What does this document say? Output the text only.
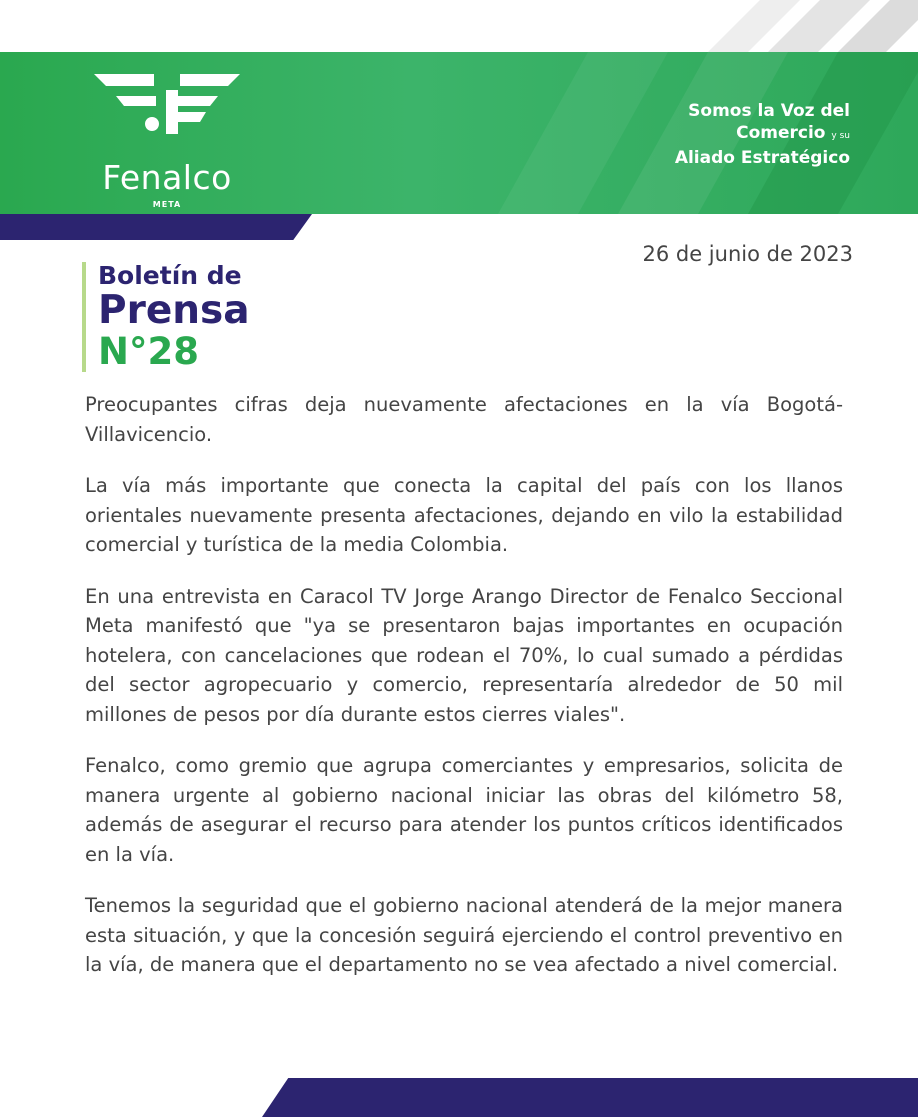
Fenalco
META
Somos la Voz del
Comercio y su
Aliado Estratégico
26 de junio de 2023
Boletín de
Prensa
N°28

Preocupantes cifras deja nuevamente afectaciones en la vía Bogotá-Villavicencio.

La vía más importante que conecta la capital del país con los llanos orientales nuevamente presenta afectaciones, dejando en vilo la estabilidad comercial y turística de la media Colombia.

En una entrevista en Caracol TV Jorge Arango Director de Fenalco Seccional Meta manifestó que "ya se presentaron bajas importantes en ocupación hotelera, con cancelaciones que rodean el 70%, lo cual sumado a pérdidas del sector agropecuario y comercio, representaría alrededor de 50 mil millones de pesos por día durante estos cierres viales".

Fenalco, como gremio que agrupa comerciantes y empresarios, solicita de manera urgente al gobierno nacional iniciar las obras del kilómetro 58, además de asegurar el recurso para atender los puntos críticos identificados en la vía.

Tenemos la seguridad que el gobierno nacional atenderá de la mejor manera esta situación, y que la concesión seguirá ejerciendo el control preventivo en la vía, de manera que el departamento no se vea afectado a nivel comercial.
